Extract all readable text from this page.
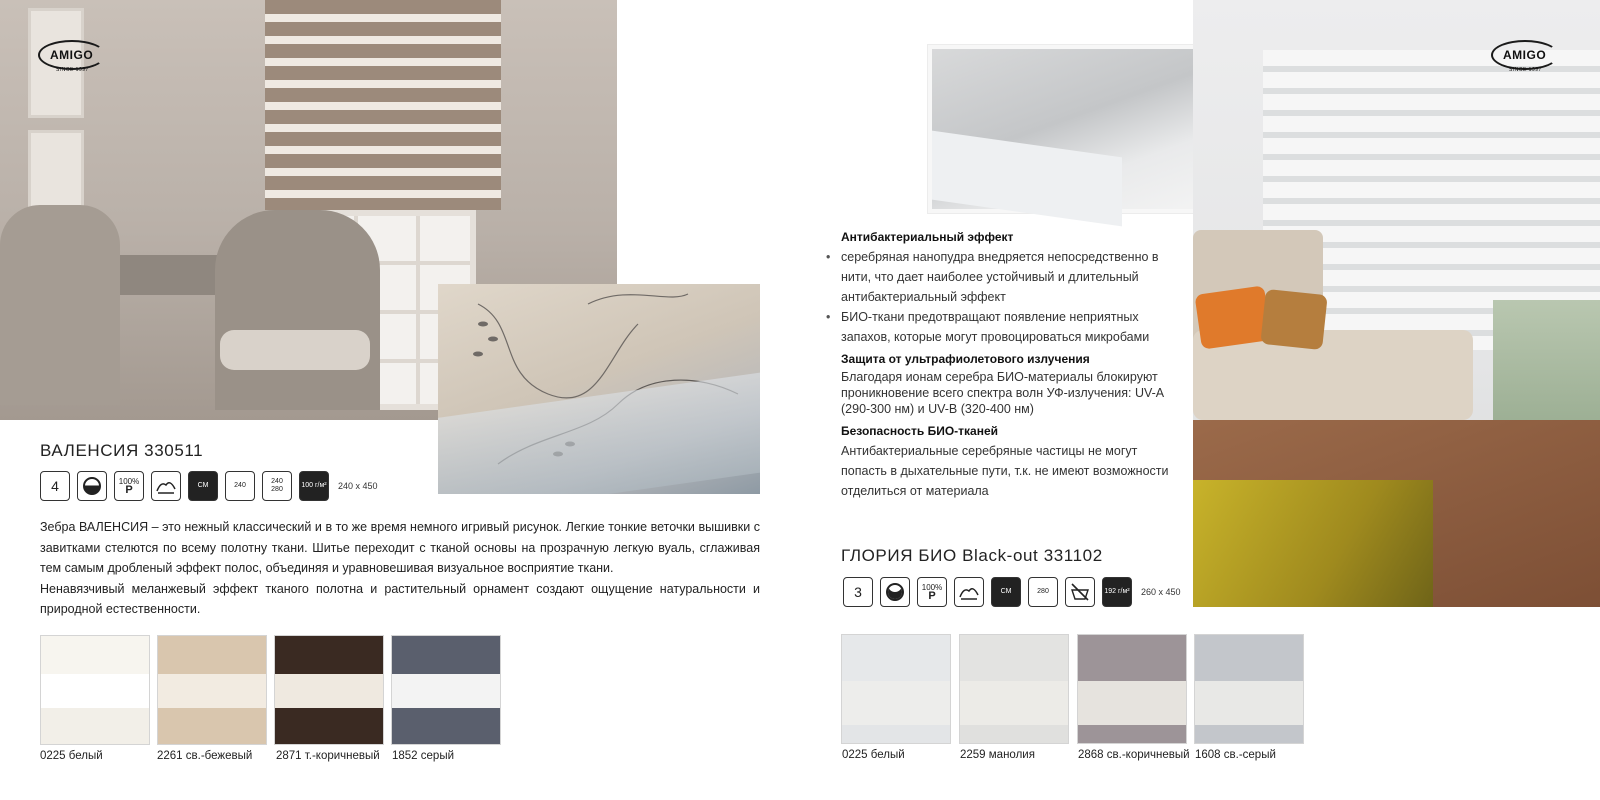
AMIGO
SINCE 1997
ВАЛЕНСИЯ 330511
4	100%
P	СМ	240
240
280
100 г/м² 240 х 450

Зебра ВАЛЕНСИЯ – это нежный классический и в то же время немного игривый рисунок. Легкие тонкие веточки вышивки с завитками стелются по всему полотну ткани. Шитье переходит с тканой основы на прозрачную легкую вуаль, сглаживая тем самым дробленый эффект полос, объединяя и уравновешивая визуальное восприятие ткани.

Ненавязчивый меланжевый эффект тканого полотна и растительный орнамент создают ощущение натуральности и природной естественности.

0225 белый	2261 св.-бежевый 2871 т.-коричневый 1852 серый
AMIGO
SINCE 1997
Антибактериальный эффект
• серебряная нанопудра внедряется непосредственно в нити, что дает наиболее устойчивый и длительный антибактериальный эффект
• БИО-ткани предотвращают появление неприятных запахов, которые могут провоцироваться микробами
Защита от ультрафиолетового излучения
Благодаря ионам серебра БИО-материалы блокируют проникновение всего спектра волн УФ-излучения: UV-A (290-300 нм) и UV-B (320-400 нм)
Безопасность БИО-тканей
Антибактериальные серебряные частицы не могут попасть в дыхательные пути, т.к. не имеют возможности отделиться от материала
ГЛОРИЯ БИО Black-out 331102
3	100%
P	СМ	280	192 г/м² 260 х 450
0225 белый	2259 манолия	2868 св.-коричневый 1608 св.-серый
